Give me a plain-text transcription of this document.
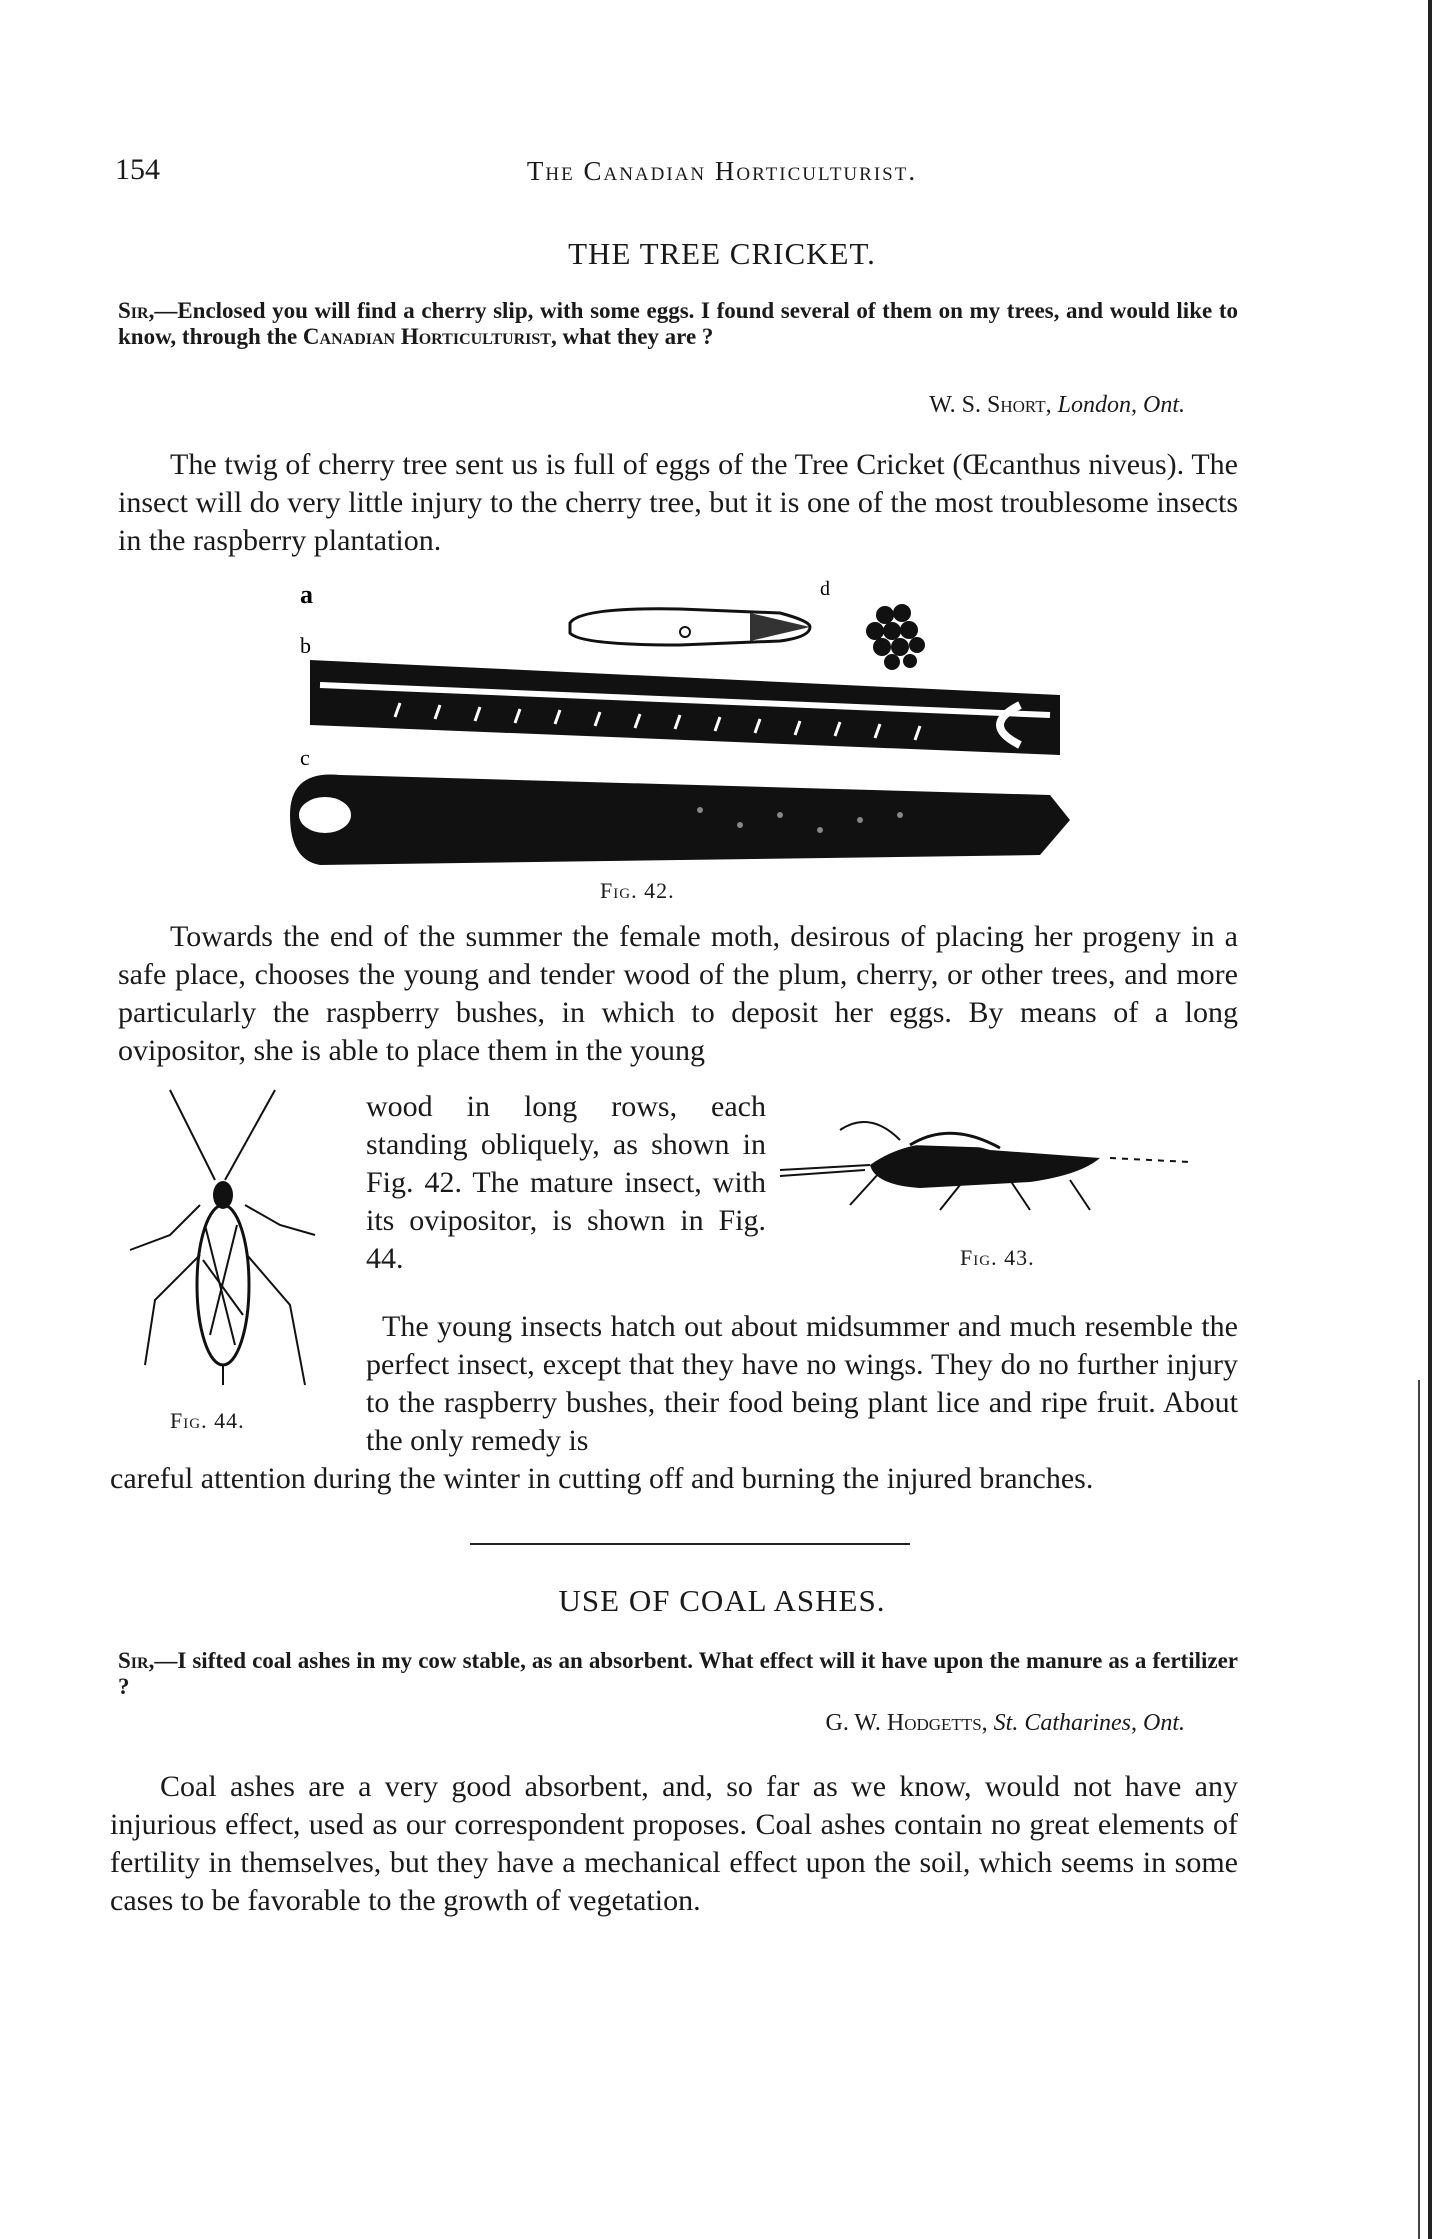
154	The Canadian Horticulturist.
THE TREE CRICKET.
Sir,—Enclosed you will find a cherry slip, with some eggs. I found several of them on my trees, and would like to know, through the Canadian Horticulturist, what they are ?
W. S. Short, London, Ont.
The twig of cherry tree sent us is full of eggs of the Tree Cricket (Œcanthus niveus). The insect will do very little injury to the cherry tree, but it is one of the most troublesome insects in the raspberry plantation.
a
b
c
d
Fig. 42.
Towards the end of the summer the female moth, desirous of placing her progeny in a safe place, chooses the young and tender wood of the plum, cherry, or other trees, and more particularly the raspberry bushes, in which to deposit her eggs. By means of a long ovipositor, she is able to place them in the young
Fig. 44.
wood in long rows, each standing obliquely, as shown in Fig. 42. The mature insect, with its ovipositor, is shown in Fig. 44.	Fig. 43.
The young insects hatch out about midsummer and much resemble the perfect insect, except that they have no wings. They do no further injury to the raspberry bushes, their food being plant lice and ripe fruit. About the only remedy is
careful attention during the winter in cutting off and burning the injured branches.
USE OF COAL ASHES.
Sir,—I sifted coal ashes in my cow stable, as an absorbent. What effect will it have upon the manure as a fertilizer ?
G. W. Hodgetts, St. Catharines, Ont.
Coal ashes are a very good absorbent, and, so far as we know, would not have any injurious effect, used as our correspondent proposes. Coal ashes contain no great elements of fertility in themselves, but they have a mechanical effect upon the soil, which seems in some cases to be favorable to the growth of vegetation.
